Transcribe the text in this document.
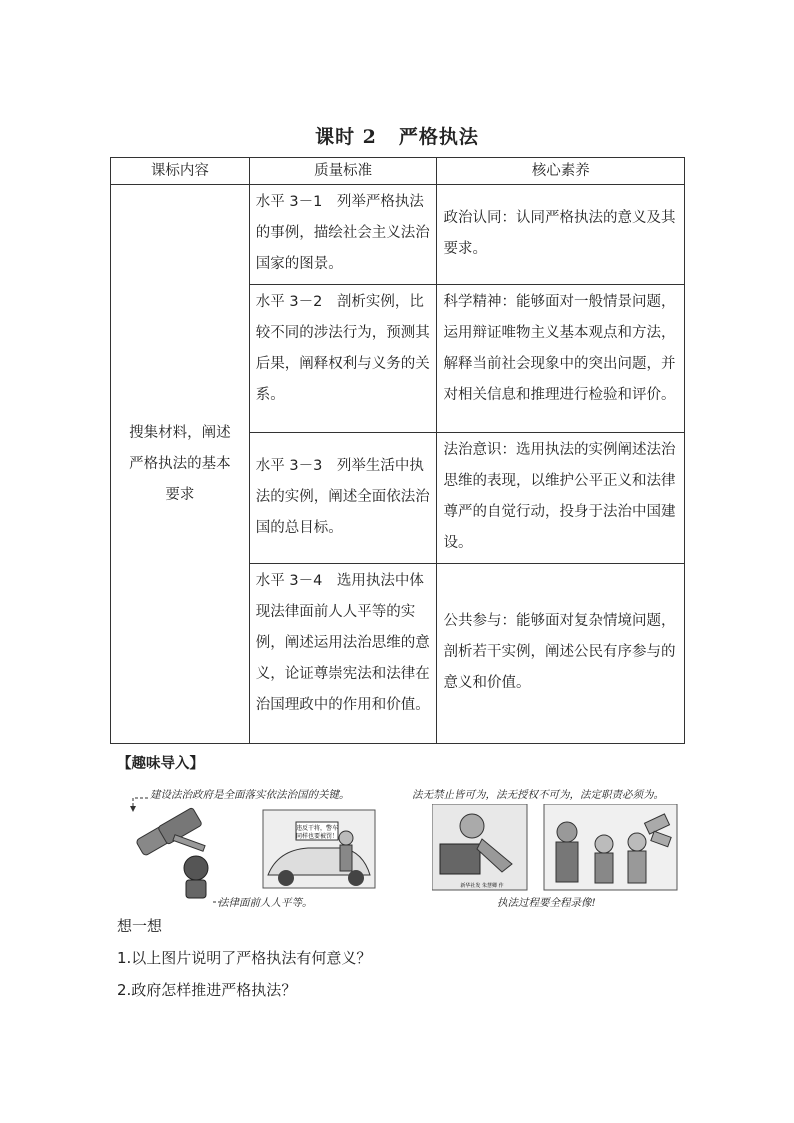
课时 2 严格执法
课标内容	质量标准	核心素养
搜集材料，阐述严格执法的基本要求	水平 3－1　列举严格执法的事例，描绘社会主义法治国家的图景。	政治认同：认同严格执法的意义及其要求。
	水平 3－2　剖析实例，比较不同的涉法行为，预测其后果，阐释权利与义务的关系。	科学精神：能够面对一般情景问题，运用辩证唯物主义基本观点和方法，解释当前社会现象中的突出问题，并对相关信息和推理进行检验和评价。
	水平 3－3　列举生活中执法的实例，阐述全面依法治国的总目标。	法治意识：选用执法的实例阐述法治思维的表现，以维护公平正义和法律尊严的自觉行动，投身于法治中国建设。
	水平 3－4　选用执法中体现法律面前人人平等的实例，阐述运用法治思维的意义，论证尊崇宪法和法律在治国理政中的作用和价值。	公共参与：能够面对复杂情境问题，剖析若干实例，阐述公民有序参与的意义和价值。
【趣味导入】
建设法治政府是全面落实依法治国的关键。
违反干将，警车
同样也要被罚！
法律面前人人平等。
法无禁止皆可为，法无授权不可为，法定职责必须为。
新华社发 朱慧卿 作
执法过程要全程录像!
想一想
1.以上图片说明了严格执法有何意义？
2.政府怎样推进严格执法？
